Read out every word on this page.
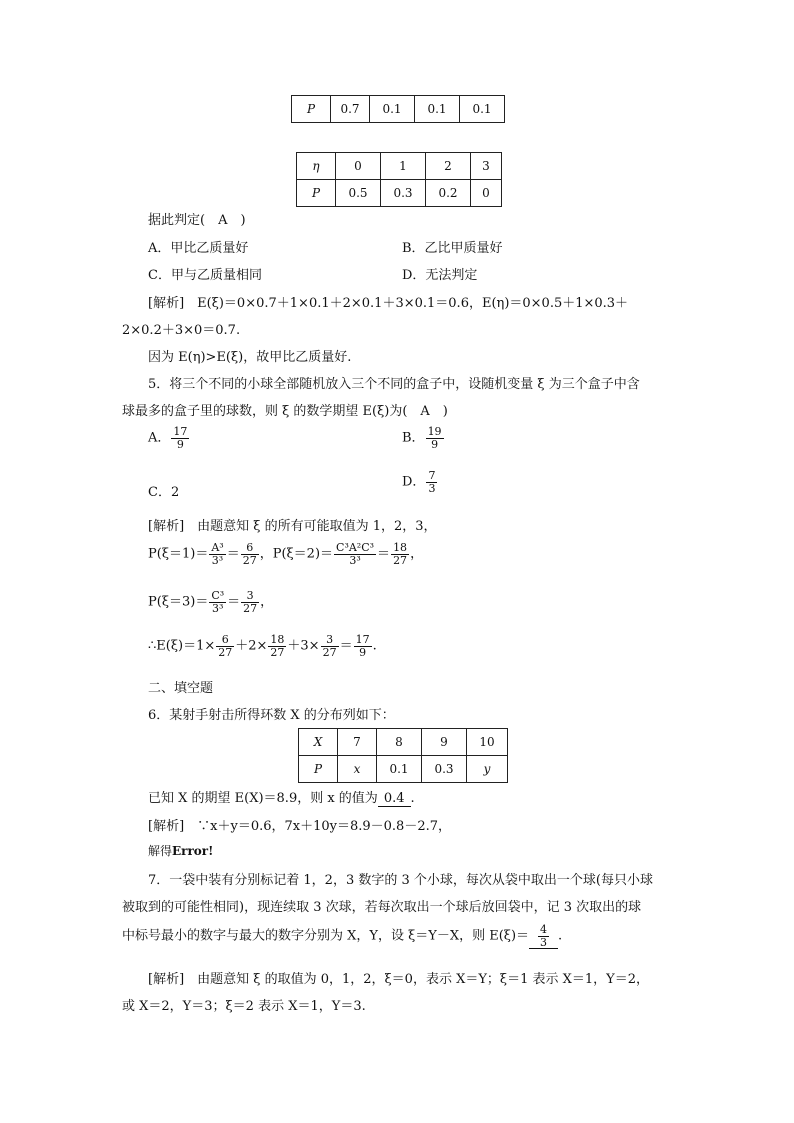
P	0.7	0.1	0.1	0.1
η	0	1	2	3
P	0.5	0.3	0.2	0
据此判定(　A　)
A．甲比乙质量好	B．乙比甲质量好
C．甲与乙质量相同	D．无法判定
[解析]　E(ξ)＝0×0.7＋1×0.1＋2×0.1＋3×0.1＝0.6，E(η)＝0×0.5＋1×0.3＋
2×0.2＋3×0＝0.7.
因为 E(η)>E(ξ)，故甲比乙质量好.
5．将三个不同的小球全部随机放入三个不同的盒子中，设随机变量 ξ 为三个盒子中含
球最多的盒子里的球数，则 ξ 的数学期望 E(ξ)为(　A　)
A． $\frac{17}{9}$	B． $\frac{19}{9}$
C．2
D． $\frac{7}{3}$
[解析]　由题意知 ξ 的所有可能取值为 1，2，3，
$P(\xi=1)= \frac{\text{A³}}{\text{3³}} = \frac{6}{27}$ ，$P(\xi=2)= \frac{\text{C³A²C³}}{\text{3³}} = \frac{18}{27}$ ，
$P(\xi=3)= \frac{\text{C³}}{\text{3³}} = \frac{3}{27}$ ，
∴E(ξ)＝1× $\frac{6}{27} +2\times \frac{18}{27} +3\times \frac{3}{27} = \frac{17}{9}$ .
二、填空题
6．某射手射击所得环数 X 的分布列如下：
X	7	8	9	10
P	x	0.1	0.3	y
已知 X 的期望 E(X)＝8.9，则 x 的值为 0.4 .
[解析]　∵x＋y＝0.6，7x＋10y＝8.9－0.8－2.7，
解得Error!
7．一袋中装有分别标记着 1，2，3 数字的 3 个小球，每次从袋中取出一个球(每只小球
被取到的可能性相同)，现连续取 3 次球，若每次取出一个球后放回袋中，记 3 次取出的球
中标号最小的数字与最大的数字分别为 X，Y，设 ξ＝Y－X，则 $E(\xi)= \frac{4}{3}$ .
[解析]　由题意知 ξ 的取值为 0，1，2，ξ＝0，表示 X＝Y；ξ＝1 表示 X＝1，Y＝2，
或 X＝2，Y＝3；ξ＝2 表示 X＝1，Y＝3.
